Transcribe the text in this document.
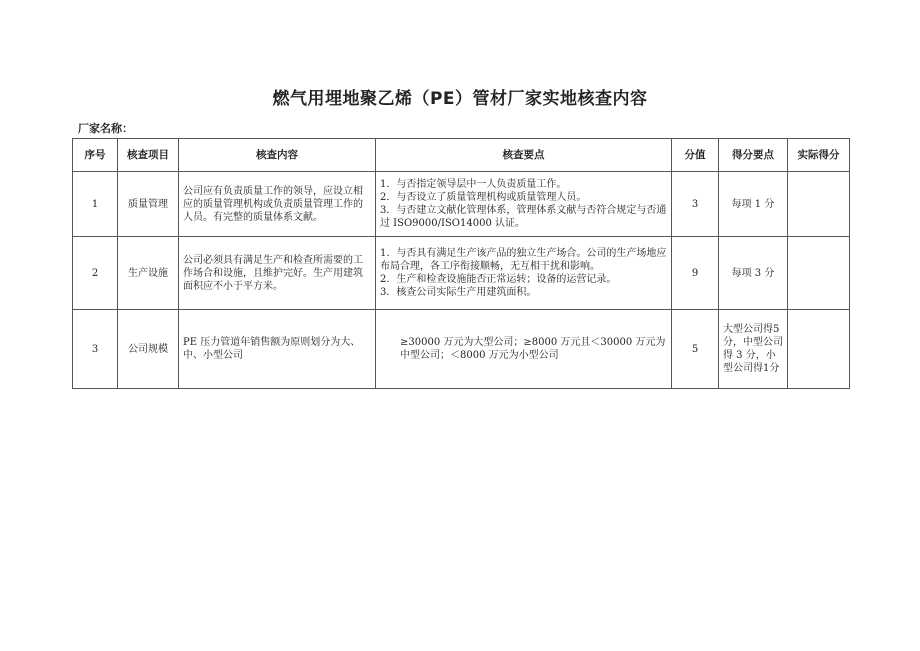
燃气用埋地聚乙烯（PE）管材厂家实地核查内容
厂家名称：
序号	核查项目	核查内容	核查要点	分值	得分要点	实际得分
1	质量管理	公司应有负责质量工作的领导，应设立相应的质量管理机构或负责质量管理工作的人员。有完整的质量体系文献。	1．与否指定领导层中一人负责质量工作。
2．与否设立了质量管理机构或质量管理人员。
3．与否建立文献化管理体系，管理体系文献与否符合规定与否通过 ISO9000/ISO14000 认证。	3	每项 1 分	
2	生产设施	公司必须具有满足生产和检查所需要的工作场合和设施，且维护完好。生产用建筑面积应不小于平方米。	1．与否具有满足生产该产品的独立生产场合。公司的生产场地应布局合理，各工序衔接顺畅，无互相干扰和影响。
2．生产和检查设施能否正常运转；设备的运营记录。
3．核查公司实际生产用建筑面积。	9	每项 3 分	
3	公司规模	PE 压力管道年销售额为原则划分为大、中、小型公司	≥30000 万元为大型公司；≥8000 万元且＜30000 万元为中型公司；＜8000 万元为小型公司	5	大型公司得5分，中型公司得 3 分，小型公司得1分	
